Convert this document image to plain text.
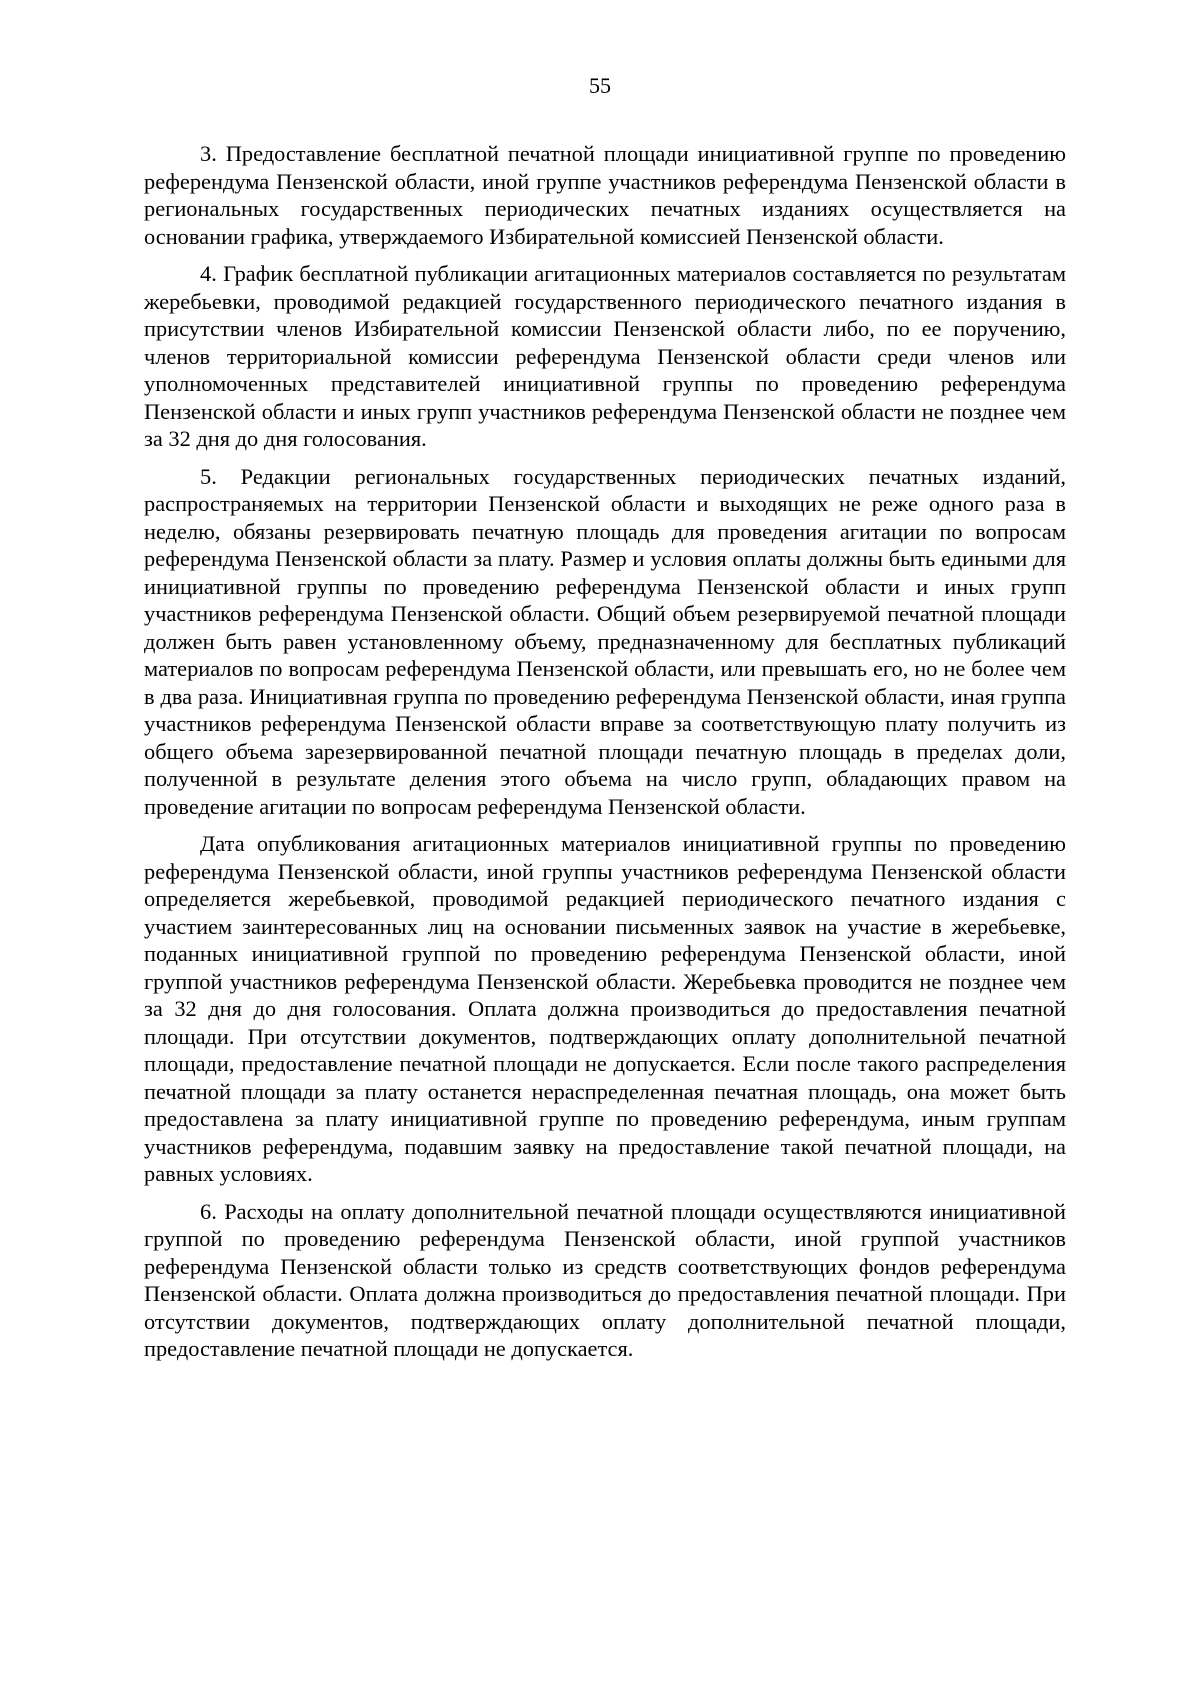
55

3. Предоставление бесплатной печатной площади инициативной группе по проведению референдума Пензенской области, иной группе участников референдума Пензенской области в региональных государственных периодических печатных изданиях осуществляется на основании графика, утверждаемого Избирательной комиссией Пензенской области.

4. График бесплатной публикации агитационных материалов составляется по результатам жеребьевки, проводимой редакцией государственного периодического печатного издания в присутствии членов Избирательной комиссии Пензенской области либо, по ее поручению, членов территориальной комиссии референдума Пензенской области среди членов или уполномоченных представителей инициативной группы по проведению референдума Пензенской области и иных групп участников референдума Пензенской области не позднее чем за 32 дня до дня голосования.

5. Редакции региональных государственных периодических печатных изданий, распространяемых на территории Пензенской области и выходящих не реже одного раза в неделю, обязаны резервировать печатную площадь для проведения агитации по вопросам референдума Пензенской области за плату. Размер и условия оплаты должны быть едиными для инициативной группы по проведению референдума Пензенской области и иных групп участников референдума Пензенской области. Общий объем резервируемой печатной площади должен быть равен установленному объему, предназначенному для бесплатных публикаций материалов по вопросам референдума Пензенской области, или превышать его, но не более чем в два раза. Инициативная группа по проведению референдума Пензенской области, иная группа участников референдума Пензенской области вправе за соответствующую плату получить из общего объема зарезервированной печатной площади печатную площадь в пределах доли, полученной в результате деления этого объема на число групп, обладающих правом на проведение агитации по вопросам референдума Пензенской области.

Дата опубликования агитационных материалов инициативной группы по проведению референдума Пензенской области, иной группы участников референдума Пензенской области определяется жеребьевкой, проводимой редакцией периодического печатного издания с участием заинтересованных лиц на основании письменных заявок на участие в жеребьевке, поданных инициативной группой по проведению референдума Пензенской области, иной группой участников референдума Пензенской области. Жеребьевка проводится не позднее чем за 32 дня до дня голосования. Оплата должна производиться до предоставления печатной площади. При отсутствии документов, подтверждающих оплату дополнительной печатной площади, предоставление печатной площади не допускается. Если после такого распределения печатной площади за плату останется нераспределенная печатная площадь, она может быть предоставлена за плату инициативной группе по проведению референдума, иным группам участников референдума, подавшим заявку на предоставление такой печатной площади, на равных условиях.

6. Расходы на оплату дополнительной печатной площади осуществляются инициативной группой по проведению референдума Пензенской области, иной группой участников референдума Пензенской области только из средств соответствующих фондов референдума Пензенской области. Оплата должна производиться до предоставления печатной площади. При отсутствии документов, подтверждающих оплату дополнительной печатной площади, предоставление печатной площади не допускается.
